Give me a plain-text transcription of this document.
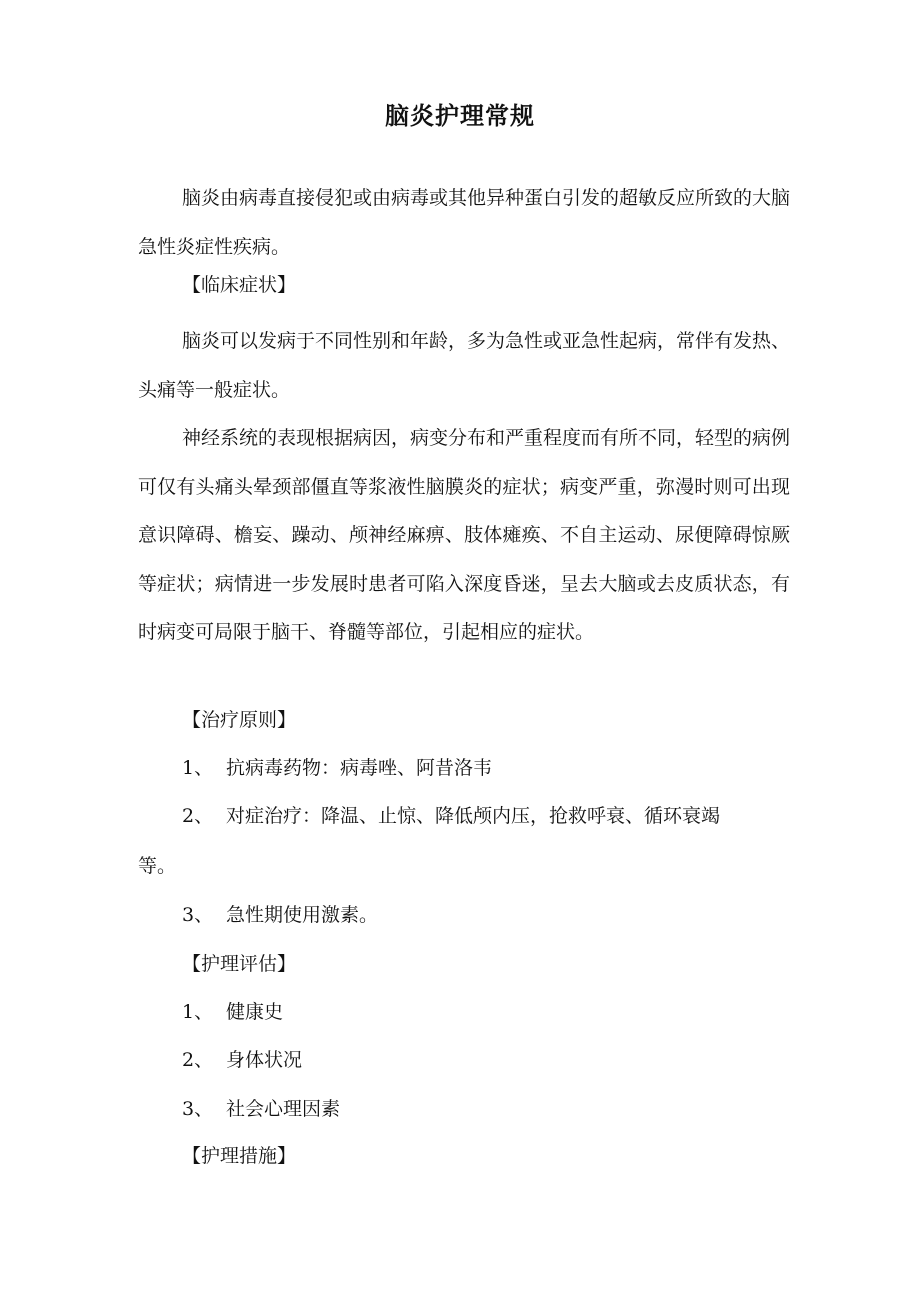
脑炎护理常规

脑炎由病毒直接侵犯或由病毒或其他异种蛋白引发的超敏反应所致的大脑急性炎症性疾病。

【临床症状】

脑炎可以发病于不同性别和年龄，多为急性或亚急性起病，常伴有发热、头痛等一般症状。

神经系统的表现根据病因，病变分布和严重程度而有所不同，轻型的病例可仅有头痛头晕颈部僵直等浆液性脑膜炎的症状；病变严重，弥漫时则可出现意识障碍、檐妄、躁动、颅神经麻痹、肢体瘫痪、不自主运动、尿便障碍惊厥等症状；病情进一步发展时患者可陷入深度昏迷，呈去大脑或去皮质状态，有时病变可局限于脑干、脊髓等部位，引起相应的症状。

【治疗原则】

1、 抗病毒药物：病毒唑、阿昔洛韦

2、 对症治疗：降温、止惊、降低颅内压，抢救呼衰、循环衰竭

等。

3、 急性期使用激素。

【护理评估】

1、 健康史

2、 身体状况

3、 社会心理因素

【护理措施】
